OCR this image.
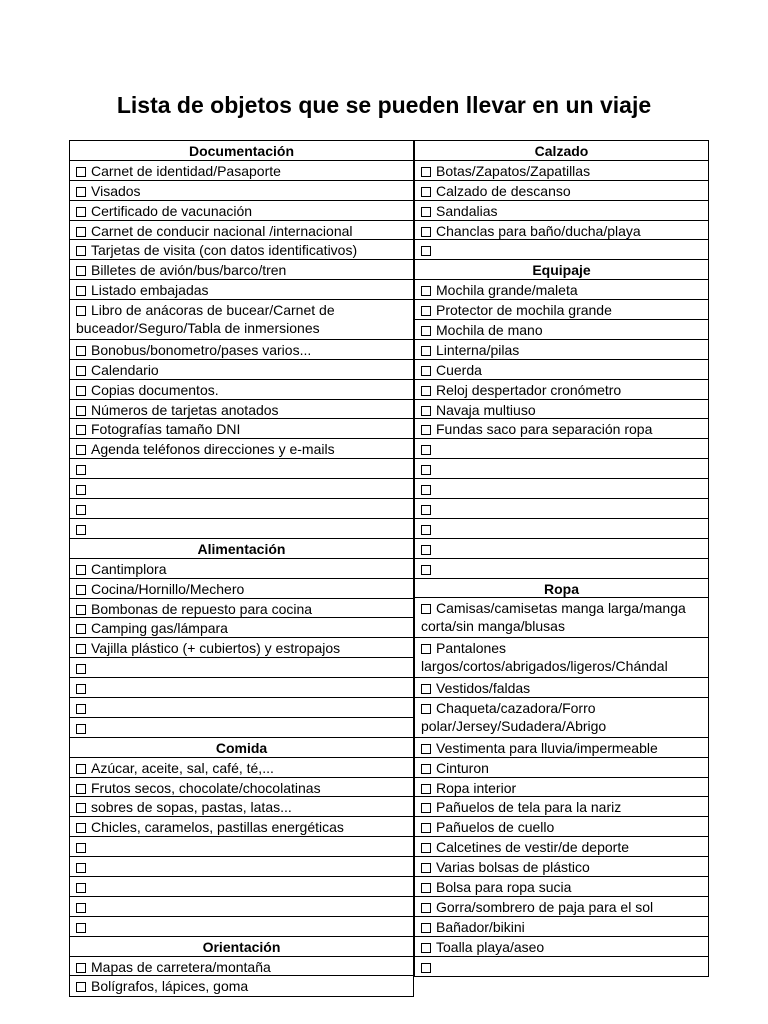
Lista de objetos que se pueden llevar en un viaje
Documentación
Carnet de identidad/Pasaporte
Visados
Certificado de vacunación
Carnet de conducir nacional /internacional
Tarjetas de visita (con datos identificativos)
Billetes de avión/bus/barco/tren
Listado embajadas
Libro de anácoras de bucear/Carnet de buceador/Seguro/Tabla de inmersiones
Bonobus/bonometro/pases varios...
Calendario
Copias documentos.
Números de tarjetas anotados
Fotografías tamaño DNI
Agenda teléfonos direcciones y e-mails
Alimentación
Cantimplora
Cocina/Hornillo/Mechero
Bombonas de repuesto para cocina
Camping gas/lámpara
Vajilla plástico (+ cubiertos) y estropajos
Comida
Azúcar, aceite, sal, café, té,...
Frutos secos, chocolate/chocolatinas
sobres de sopas, pastas, latas...
Chicles, caramelos, pastillas energéticas
Orientación
Mapas de carretera/montaña
Bolígrafos, lápices, goma
Calzado
Botas/Zapatos/Zapatillas
Calzado de descanso
Sandalias
Chanclas para baño/ducha/playa
Equipaje
Mochila grande/maleta
Protector de mochila grande
Mochila de mano
Linterna/pilas
Cuerda
Reloj despertador cronómetro
Navaja multiuso
Fundas saco para separación ropa
Ropa
Camisas/camisetas manga larga/manga corta/sin manga/blusas
Pantalones largos/cortos/abrigados/ligeros/Chándal
Vestidos/faldas
Chaqueta/cazadora/Forro polar/Jersey/Sudadera/Abrigo
Vestimenta para lluvia/impermeable
Cinturon
Ropa interior
Pañuelos de tela para la nariz
Pañuelos de cuello
Calcetines de vestir/de deporte
Varias bolsas de plástico
Bolsa para ropa sucia
Gorra/sombrero de paja para el sol
Bañador/bikini
Toalla playa/aseo
